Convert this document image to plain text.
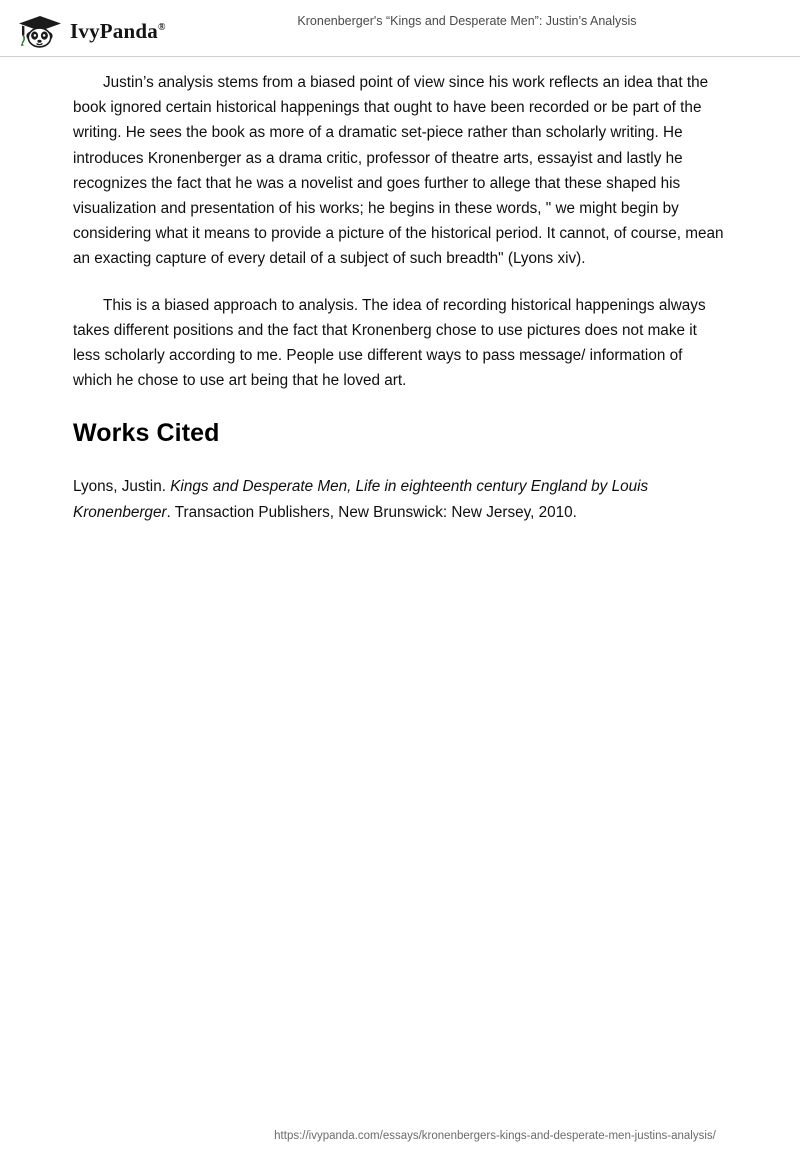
IvyPanda®	Kronenberger's “Kings and Desperate Men”: Justin’s Analysis

Justin’s analysis stems from a biased point of view since his work reflects an idea that the book ignored certain historical happenings that ought to have been recorded or be part of the writing. He sees the book as more of a dramatic set-piece rather than scholarly writing. He introduces Kronenberger as a drama critic, professor of theatre arts, essayist and lastly he recognizes the fact that he was a novelist and goes further to allege that these shaped his visualization and presentation of his works; he begins in these words, " we might begin by considering what it means to provide a picture of the historical period. It cannot, of course, mean an exacting capture of every detail of a subject of such breadth" (Lyons xiv).

This is a biased approach to analysis. The idea of recording historical happenings always takes different positions and the fact that Kronenberg chose to use pictures does not make it less scholarly according to me. People use different ways to pass message/ information of which he chose to use art being that he loved art.

Works Cited

Lyons, Justin. Kings and Desperate Men, Life in eighteenth century England by Louis Kronenberger. Transaction Publishers, New Brunswick: New Jersey, 2010.

https://ivypanda.com/essays/kronenbergers-kings-and-desperate-men-justins-analysis/
